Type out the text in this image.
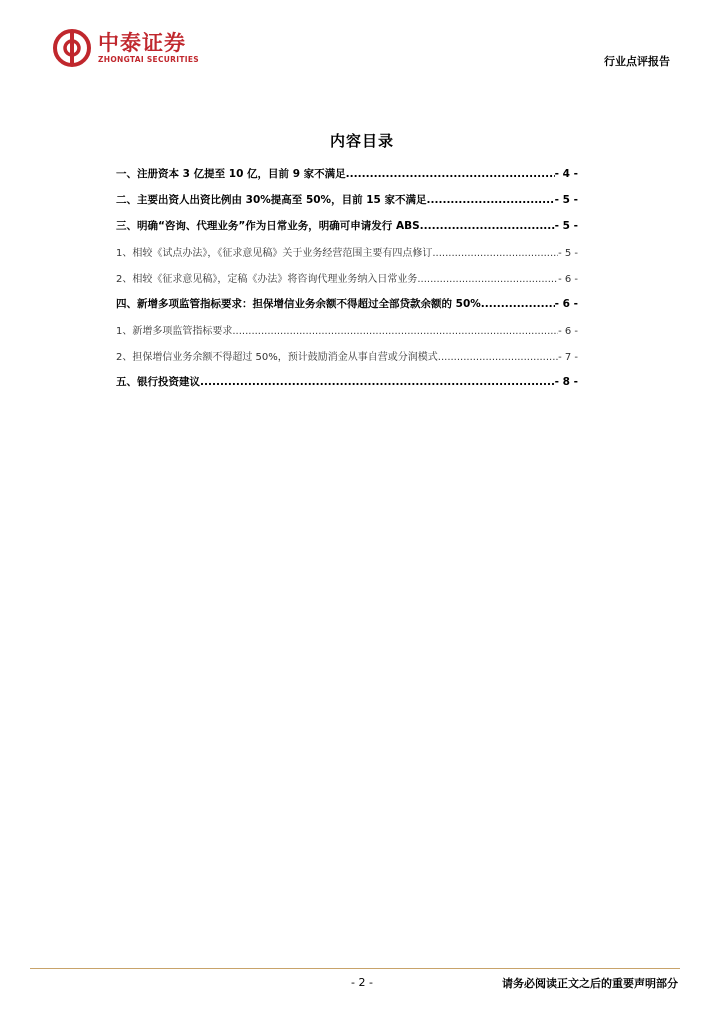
中泰证券
ZHONGTAI SECURITIES	行业点评报告
内容目录
一、注册资本 3 亿提至 10 亿，目前 9 家不满足 .....	- 4 -
二、主要出资人出资比例由 30%提高至 50%，目前 15 家不满足 .....	- 5 -
三、明确“咨询、代理业务”作为日常业务，明确可申请发行 ABS .....	- 5 -
1、相较《试点办法》，《征求意见稿》关于业务经营范围主要有四点修订 .....	- 5 -
2、相较《征求意见稿》，定稿《办法》将咨询代理业务纳入日常业务 .....	- 6 -
四、新增多项监管指标要求：担保增信业务余额不得超过全部贷款余额的 50% .....	- 6 -
1、新增多项监管指标要求 .....	- 6 -
2、担保增信业务余额不得超过 50%，预计鼓励消金从事自营或分润模式 .....	- 7 -
五、银行投资建议 .....	- 8 -
- 2 -	请务必阅读正文之后的重要声明部分
